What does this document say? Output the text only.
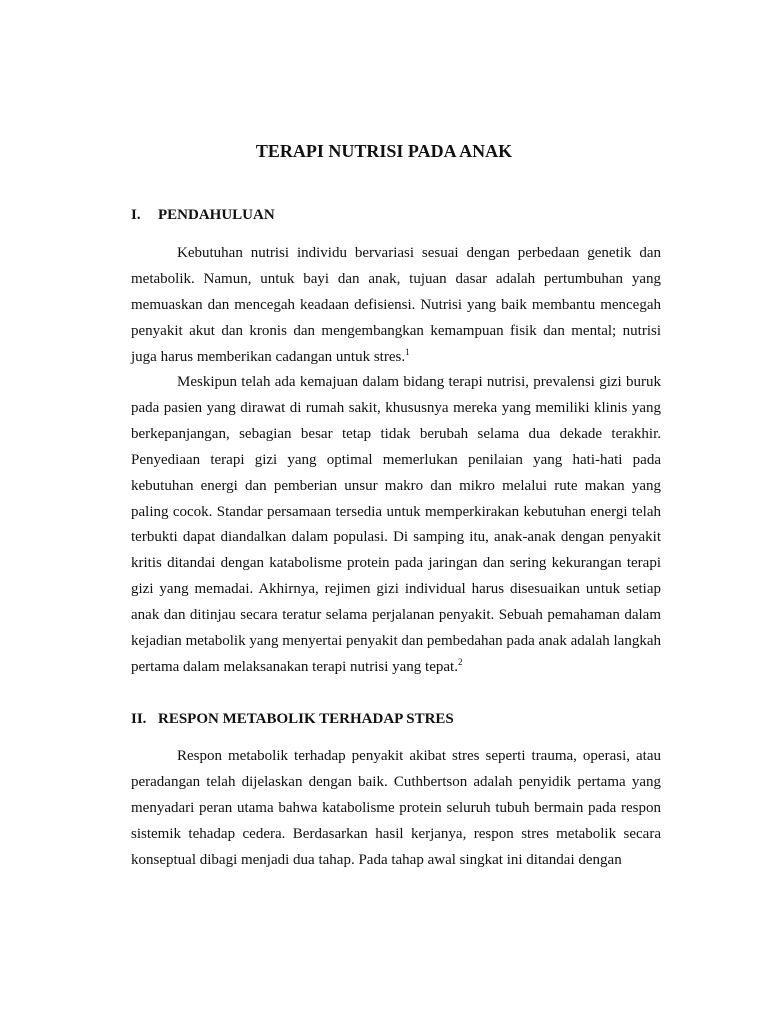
TERAPI NUTRISI PADA ANAK
I. PENDAHULUAN

Kebutuhan nutrisi individu bervariasi sesuai dengan perbedaan genetik dan metabolik. Namun, untuk bayi dan anak, tujuan dasar adalah pertumbuhan yang memuaskan dan mencegah keadaan defisiensi. Nutrisi yang baik membantu mencegah penyakit akut dan kronis dan mengembangkan kemampuan fisik dan mental; nutrisi juga harus memberikan cadangan untuk stres.$^1$

Meskipun telah ada kemajuan dalam bidang terapi nutrisi, prevalensi gizi buruk pada pasien yang dirawat di rumah sakit, khususnya mereka yang memiliki klinis yang berkepanjangan, sebagian besar tetap tidak berubah selama dua dekade terakhir. Penyediaan terapi gizi yang optimal memerlukan penilaian yang hati-hati pada kebutuhan energi dan pemberian unsur makro dan mikro melalui rute makan yang paling cocok. Standar persamaan tersedia untuk memperkirakan kebutuhan energi telah terbukti dapat diandalkan dalam populasi. Di samping itu, anak-anak dengan penyakit kritis ditandai dengan katabolisme protein pada jaringan dan sering kekurangan terapi gizi yang memadai. Akhirnya, rejimen gizi individual harus disesuaikan untuk setiap anak dan ditinjau secara teratur selama perjalanan penyakit. Sebuah pemahaman dalam kejadian metabolik yang menyertai penyakit dan pembedahan pada anak adalah langkah pertama dalam melaksanakan terapi nutrisi yang tepat.$^2$

II. RESPON METABOLIK TERHADAP STRES

Respon metabolik terhadap penyakit akibat stres seperti trauma, operasi, atau peradangan telah dijelaskan dengan baik. Cuthbertson adalah penyidik pertama yang menyadari peran utama bahwa katabolisme protein seluruh tubuh bermain pada respon sistemik tehadap cedera. Berdasarkan hasil kerjanya, respon stres metabolik secara konseptual dibagi menjadi dua tahap. Pada tahap awal singkat ini ditandai dengan
